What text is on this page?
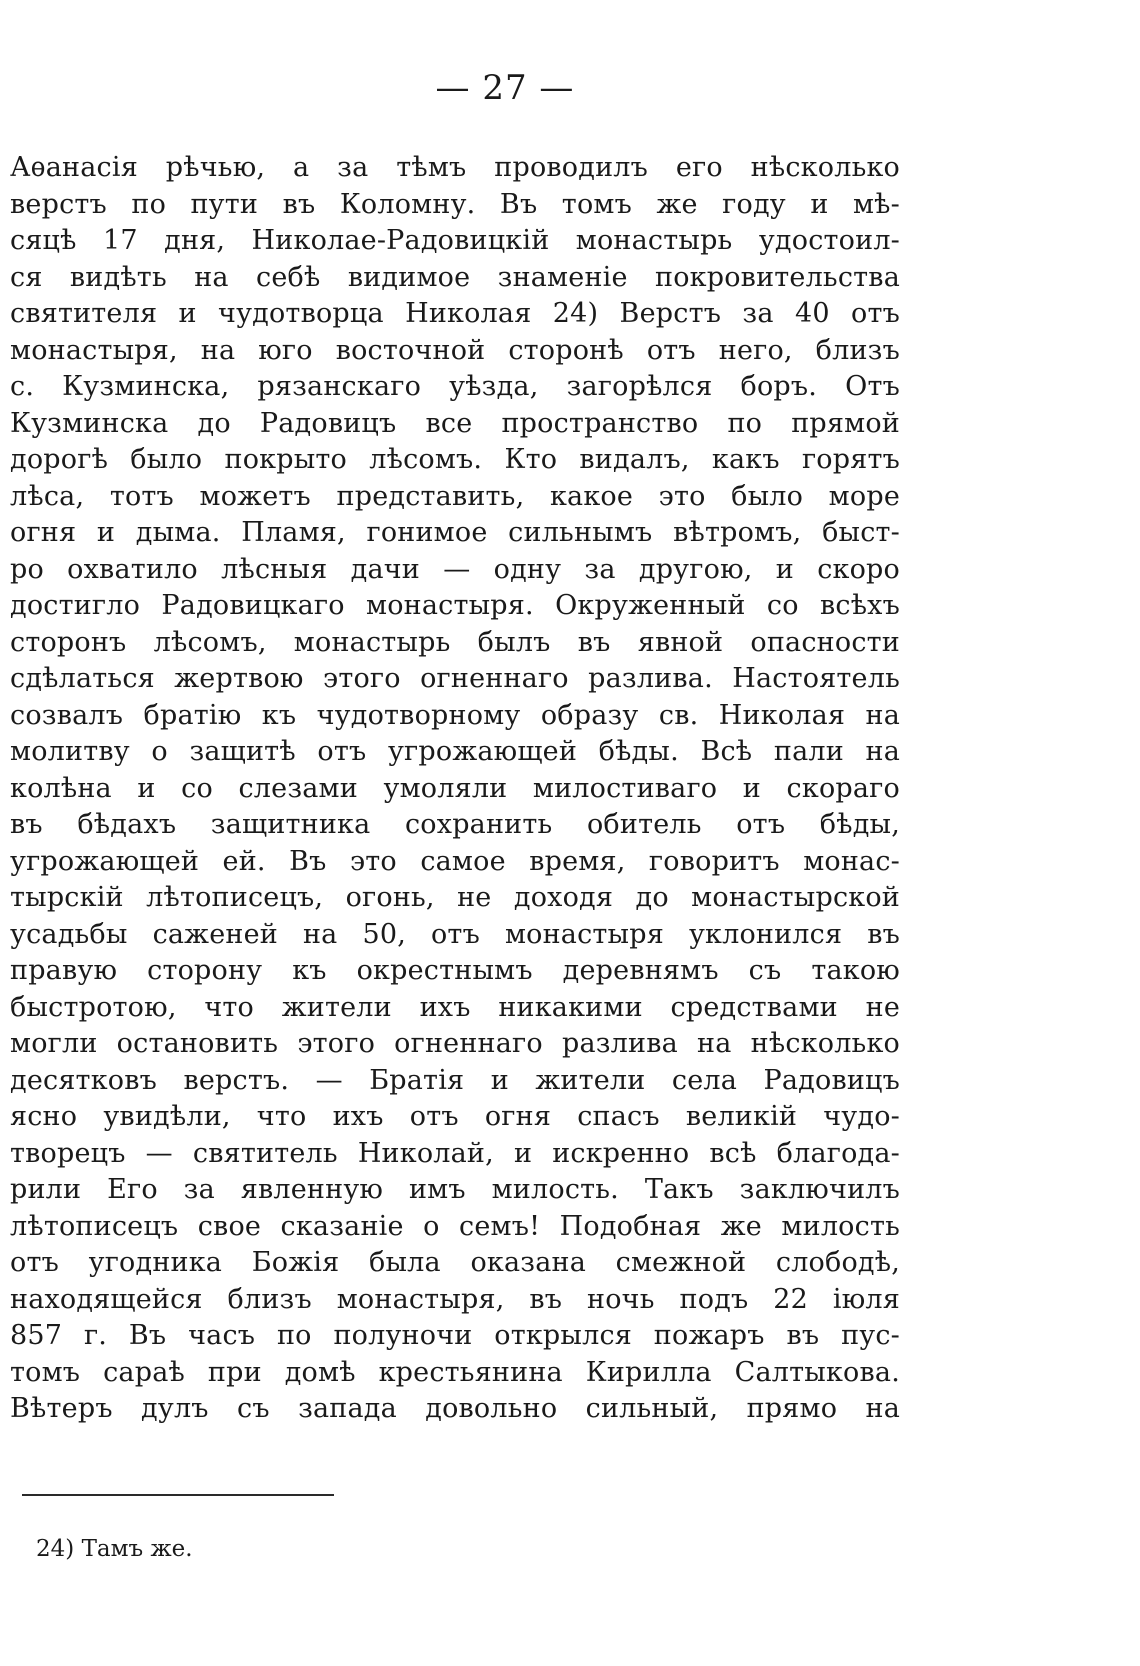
— 27 —
Аѳанасія рѣчью, а за тѣмъ проводилъ его нѣсколько
верстъ по пути въ Коломну. Въ томъ же году и мѣ-
сяцѣ 17 дня, Николае-Радовицкій монастырь удостоил-
ся видѣть на себѣ видимое знаменіе покровительства
святителя и чудотворца Николая 24) Верстъ за 40 отъ
монастыря, на юго восточной сторонѣ отъ него, близъ
с. Кузминска, рязанскаго уѣзда, загорѣлся боръ. Отъ
Кузминска до Радовицъ все пространство по прямой
дорогѣ было покрыто лѣсомъ. Кто видалъ, какъ горятъ
лѣса, тотъ можетъ представить, какое это было море
огня и дыма. Пламя, гонимое сильнымъ вѣтромъ, быст-
ро охватило лѣсныя дачи — одну за другою, и скоро
достигло Радовицкаго монастыря. Окруженный со всѣхъ
сторонъ лѣсомъ, монастырь былъ въ явной опасности
сдѣлаться жертвою этого огненнаго разлива. Настоятель
созвалъ братію къ чудотворному образу св. Николая на
молитву о защитѣ отъ угрожающей бѣды. Всѣ пали на
колѣна и со слезами умоляли милостиваго и скораго
въ бѣдахъ защитника сохранить обитель отъ бѣды,
угрожающей ей. Въ это самое время, говоритъ монас-
тырскій лѣтописецъ, огонь, не доходя до монастырской
усадьбы саженей на 50, отъ монастыря уклонился въ
правую сторону къ окрестнымъ деревнямъ съ такою
быстротою, что жители ихъ никакими средствами не
могли остановить этого огненнаго разлива на нѣсколько
десятковъ верстъ. — Братія и жители села Радовицъ
ясно увидѣли, что ихъ отъ огня спасъ великій чудо-
творецъ — святитель Николай, и искренно всѣ благода-
рили Его за явленную имъ милость. Такъ заключилъ
лѣтописецъ свое сказаніе о семъ! Подобная же милость
отъ угодника Божія была оказана смежной слободѣ,
находящейся близъ монастыря, въ ночь подъ 22 іюля
857 г. Въ часъ по полуночи открылся пожаръ въ пус-
томъ сараѣ при домѣ крестьянина Кирилла Салтыкова.
Вѣтеръ дулъ съ запада довольно сильный, прямо на
24) Тамъ же.
